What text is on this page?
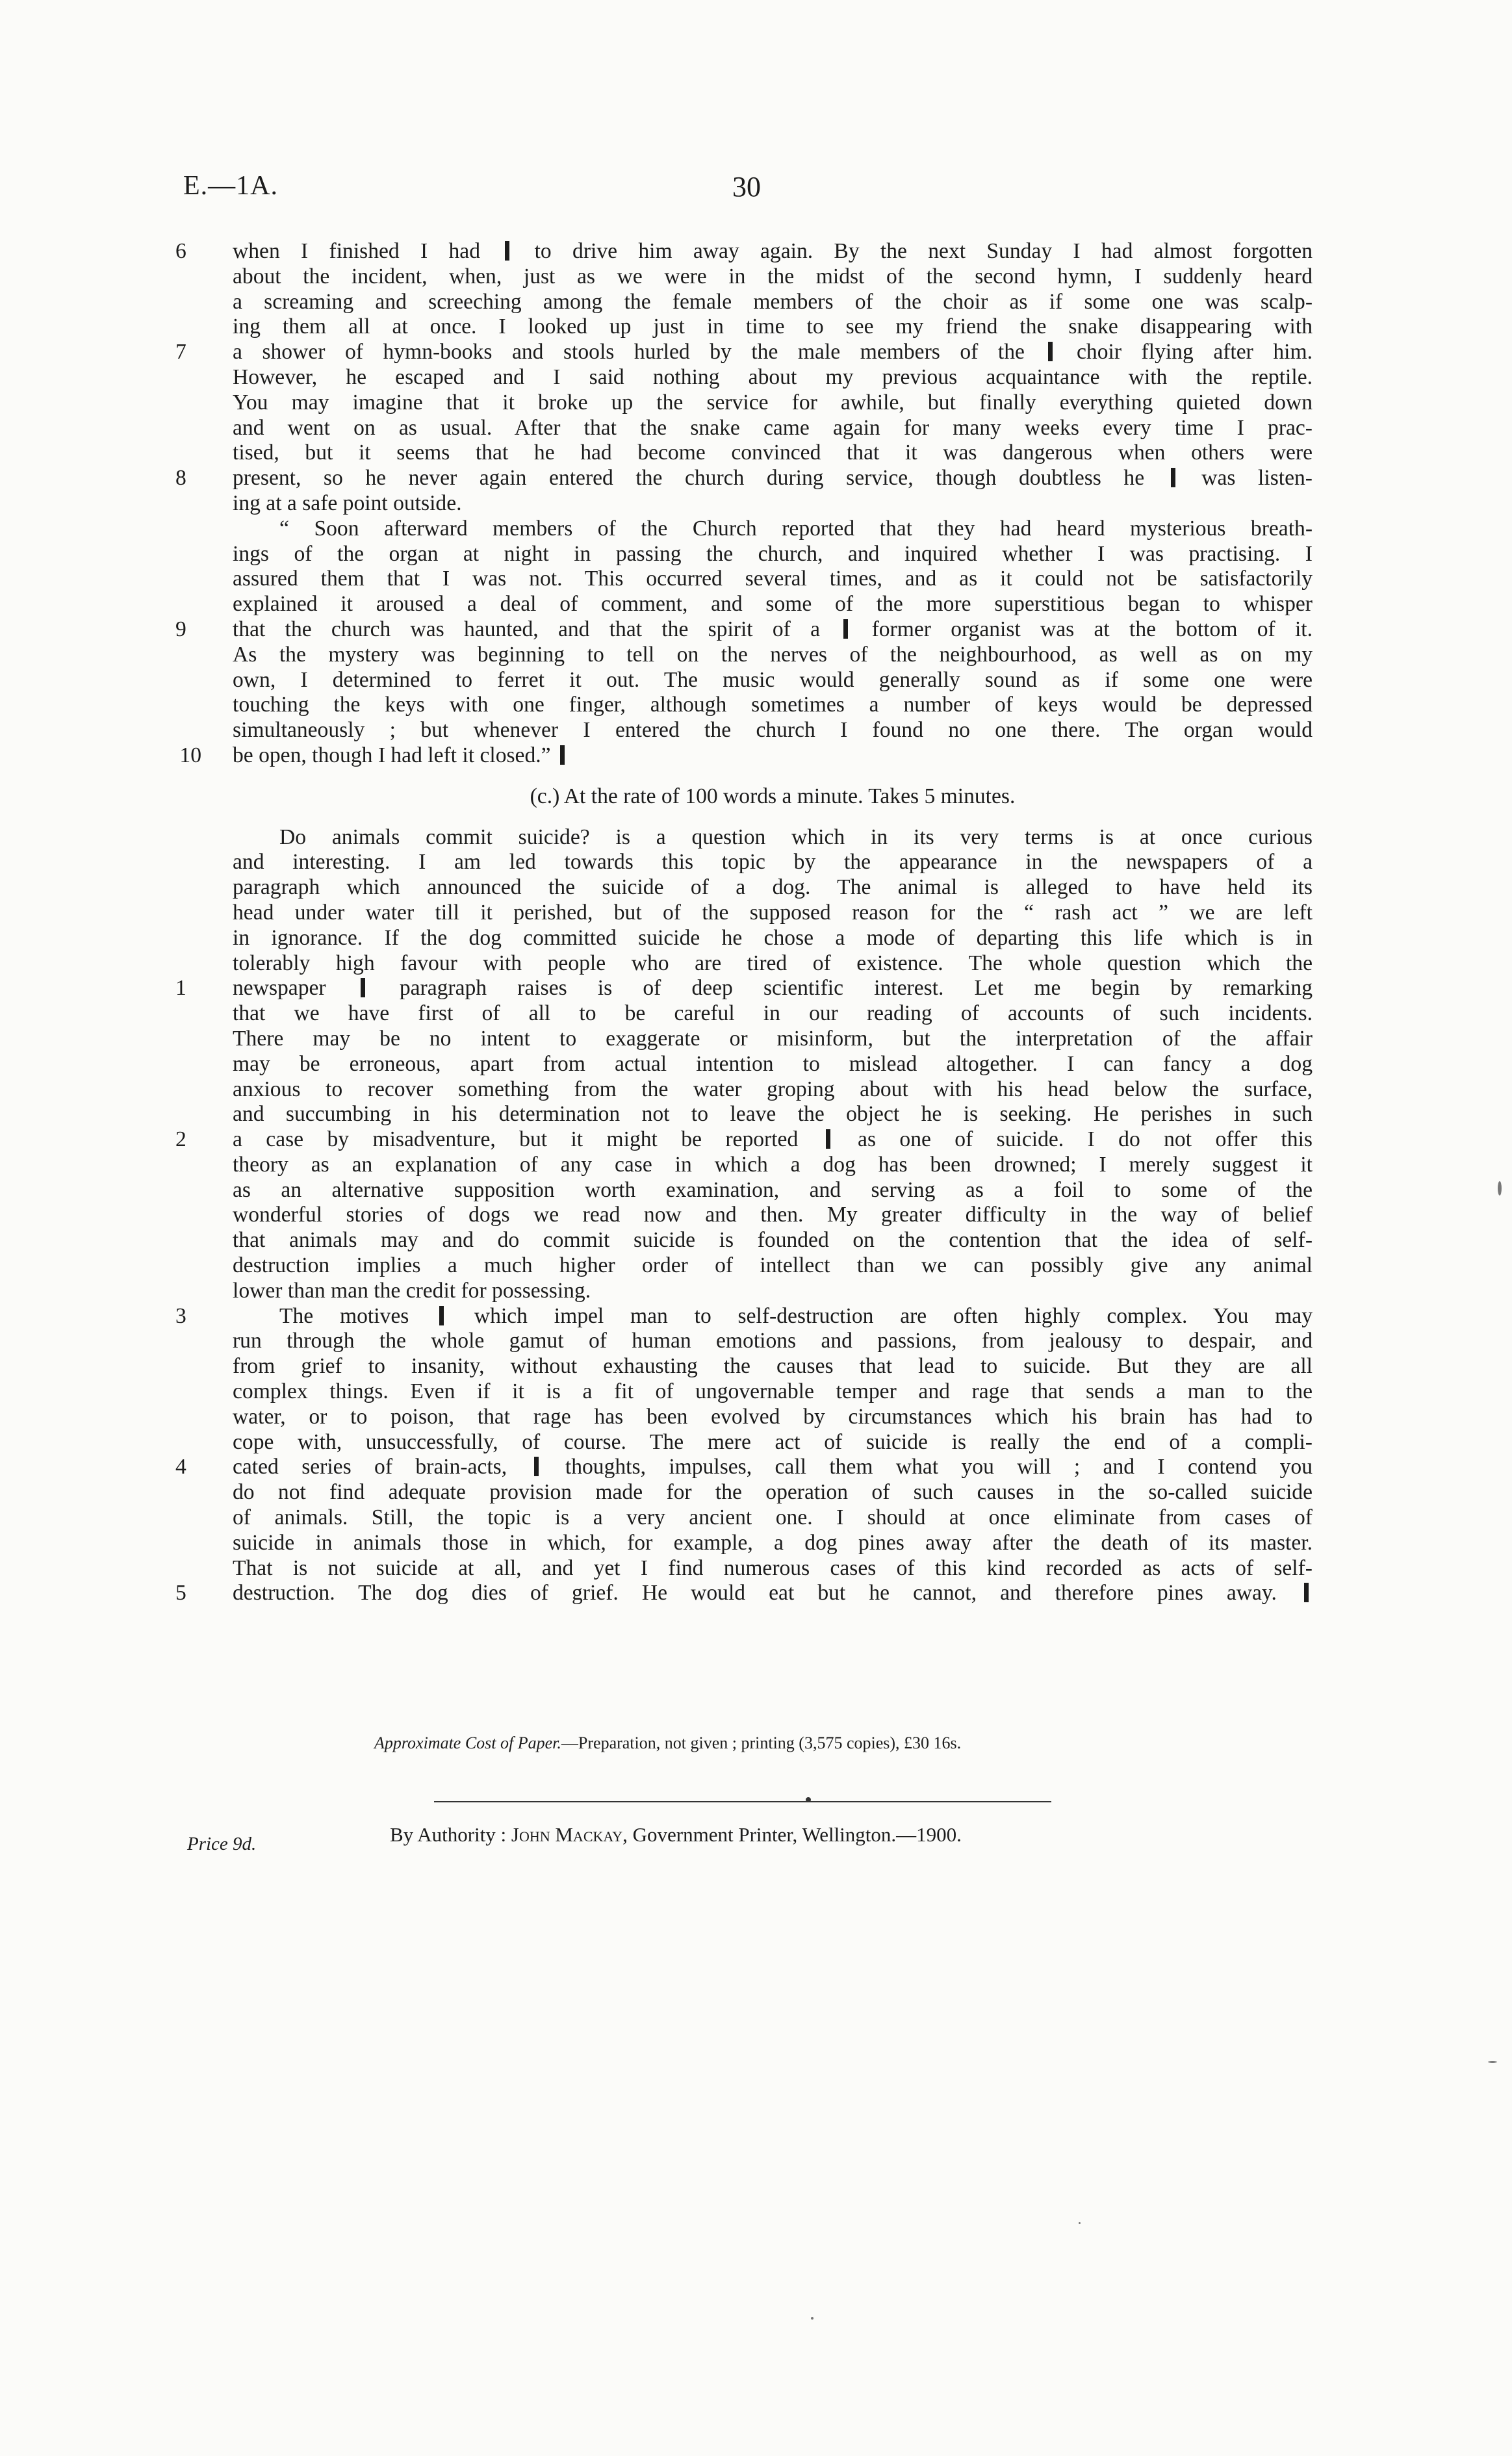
E.—1A.	30
6	when I finished I had  to drive him away again. By the next Sunday I had almost forgotten
about the incident, when, just as we were in the midst of the second hymn, I suddenly heard
a screaming and screeching among the female members of the choir as if some one was scalp-
ing them all at once. I looked up just in time to see my friend the snake disappearing with
7	a shower of hymn-books and stools hurled by the male members of the  choir flying after him.
However, he escaped and I said nothing about my previous acquaintance with the reptile.
You may imagine that it broke up the service for awhile, but finally everything quieted down
and went on as usual. After that the snake came again for many weeks every time I prac-
tised, but it seems that he had become convinced that it was dangerous when others were
8	present, so he never again entered the church during service, though doubtless he  was listen-
ing at a safe point outside.
“ Soon afterward members of the Church reported that they had heard mysterious breath-
ings of the organ at night in passing the church, and inquired whether I was practising. I
assured them that I was not. This occurred several times, and as it could not be satisfactorily
explained it aroused a deal of comment, and some of the more superstitious began to whisper
9	that the church was haunted, and that the spirit of a  former organist was at the bottom of it.
As the mystery was beginning to tell on the nerves of the neighbourhood, as well as on my
own, I determined to ferret it out. The music would generally sound as if some one were
touching the keys with one finger, although sometimes a number of keys would be depressed
simultaneously ; but whenever I entered the church I found no one there. The organ would
10 be open, though I had left it closed.”
(c.) At the rate of 100 words a minute. Takes 5 minutes.
Do animals commit suicide? is a question which in its very terms is at once curious
and interesting. I am led towards this topic by the appearance in the newspapers of a
paragraph which announced the suicide of a dog. The animal is alleged to have held its
head under water till it perished, but of the supposed reason for the “ rash act ” we are left
in ignorance. If the dog committed suicide he chose a mode of departing this life which is in
tolerably high favour with people who are tired of existence. The whole question which the
1	newspaper  paragraph raises is of deep scientific interest. Let me begin by remarking
that we have first of all to be careful in our reading of accounts of such incidents.
There may be no intent to exaggerate or misinform, but the interpretation of the affair
may be erroneous, apart from actual intention to mislead altogether. I can fancy a dog
anxious to recover something from the water groping about with his head below the surface,
and succumbing in his determination not to leave the object he is seeking. He perishes in such
2	a case by misadventure, but it might be reported  as one of suicide. I do not offer this
theory as an explanation of any case in which a dog has been drowned; I merely suggest it
as an alternative supposition worth examination, and serving as a foil to some of the
wonderful stories of dogs we read now and then. My greater difficulty in the way of belief
that animals may and do commit suicide is founded on the contention that the idea of self-
destruction implies a much higher order of intellect than we can possibly give any animal
lower than man the credit for possessing.
3	The motives  which impel man to self-destruction are often highly complex. You may
run through the whole gamut of human emotions and passions, from jealousy to despair, and
from grief to insanity, without exhausting the causes that lead to suicide. But they are all
complex things. Even if it is a fit of ungovernable temper and rage that sends a man to the
water, or to poison, that rage has been evolved by circumstances which his brain has had to
cope with, unsuccessfully, of course. The mere act of suicide is really the end of a compli-
4	cated series of brain-acts,  thoughts, impulses, call them what you will ; and I contend you
do not find adequate provision made for the operation of such causes in the so-called suicide
of animals. Still, the topic is a very ancient one. I should at once eliminate from cases of
suicide in animals those in which, for example, a dog pines away after the death of its master.
That is not suicide at all, and yet I find numerous cases of this kind recorded as acts of self-
5	destruction. The dog dies of grief. He would eat but he cannot, and therefore pines away.
Approximate Cost of Paper.—Preparation, not given ; printing (3,575 copies), £30 16s.
By Authority : John Mackay, Government Printer, Wellington.—1900.
Price 9d.
